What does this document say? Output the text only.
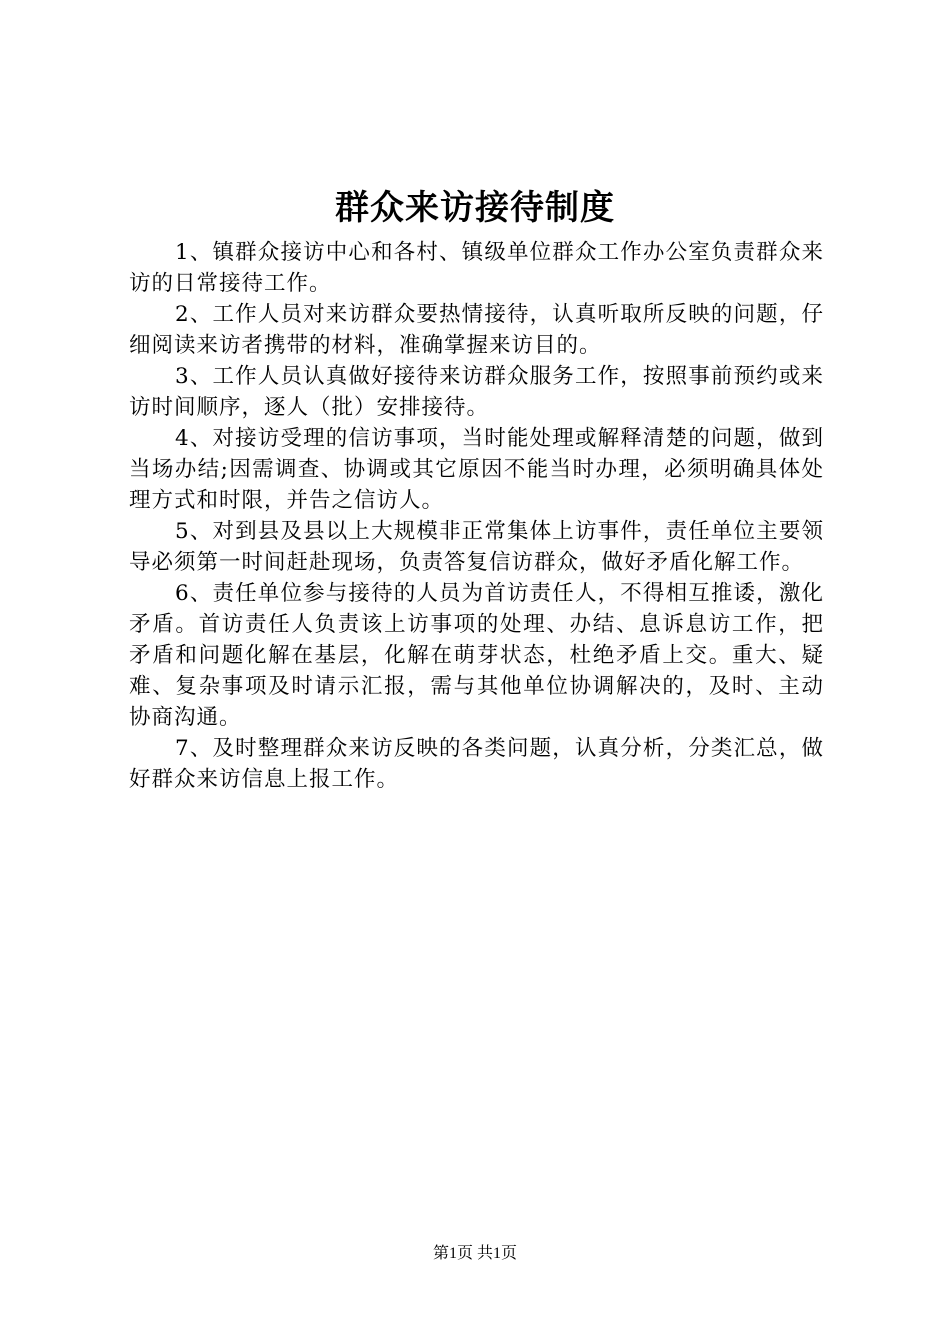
群众来访接待制度

1、镇群众接访中心和各村、镇级单位群众工作办公室负责群众来访的日常接待工作。

2、工作人员对来访群众要热情接待，认真听取所反映的问题，仔细阅读来访者携带的材料，准确掌握来访目的。

3、工作人员认真做好接待来访群众服务工作，按照事前预约或来访时间顺序，逐人（批）安排接待。

4、对接访受理的信访事项，当时能处理或解释清楚的问题，做到当场办结;因需调查、协调或其它原因不能当时办理，必须明确具体处理方式和时限，并告之信访人。

5、对到县及县以上大规模非正常集体上访事件，责任单位主要领导必须第一时间赶赴现场，负责答复信访群众，做好矛盾化解工作。

6、责任单位参与接待的人员为首访责任人，不得相互推诿，激化矛盾。首访责任人负责该上访事项的处理、办结、息诉息访工作，把矛盾和问题化解在基层，化解在萌芽状态，杜绝矛盾上交。重大、疑难、复杂事项及时请示汇报，需与其他单位协调解决的，及时、主动协商沟通。

7、及时整理群众来访反映的各类问题，认真分析，分类汇总，做好群众来访信息上报工作。

第1页 共1页
